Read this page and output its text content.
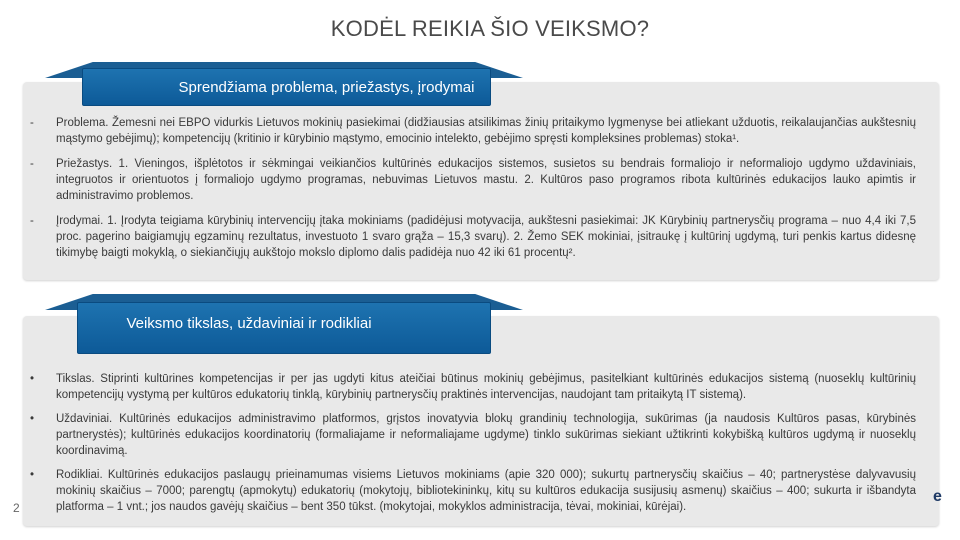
KODĖL REIKIA ŠIO VEIKSMO?
Sprendžiama problema, priežastys, įrodymai
-	Problema. Žemesni nei EBPO vidurkis Lietuvos mokinių pasiekimai (didžiausias atsilikimas žinių pritaikymo lygmenyse bei atliekant užduotis, reikalaujančias aukštesnių mąstymo gebėjimų); kompetencijų (kritinio ir kūrybinio mąstymo, emocinio intelekto, gebėjimo spręsti kompleksines problemas) stoka¹.
-	Priežastys. 1. Vieningos, išplėtotos ir sėkmingai veikiančios kultūrinės edukacijos sistemos, susietos su bendrais formaliojo ir neformaliojo ugdymo uždaviniais, integruotos ir orientuotos į formaliojo ugdymo programas, nebuvimas Lietuvos mastu. 2. Kultūros paso programos ribota kultūrinės edukacijos lauko apimtis ir administravimo problemos.
-	Įrodymai. 1. Įrodyta teigiama kūrybinių intervencijų įtaka mokiniams (padidėjusi motyvacija, aukštesni pasiekimai: JK Kūrybinių partnerysčių programa – nuo 4,4 iki 7,5 proc. pagerino baigiamųjų egzaminų rezultatus, investuoto 1 svaro grąža – 15,3 svarų). 2. Žemo SEK mokiniai, įsitraukę į kultūrinį ugdymą, turi penkis kartus didesnę tikimybę baigti mokyklą, o siekiančiųjų aukštojo mokslo diplomo dalis padidėja nuo 42 iki 61 procentų².
Veiksmo tikslas, uždaviniai ir rodikliai
•	Tikslas. Stiprinti kultūrines kompetencijas ir per jas ugdyti kitus ateičiai būtinus mokinių gebėjimus, pasitelkiant kultūrinės edukacijos sistemą (nuoseklų kultūrinių kompetencijų vystymą per kultūros edukatorių tinklą, kūrybinių partnerysčių praktinės intervencijas, naudojant tam pritaikytą IT sistemą).
•	Uždaviniai. Kultūrinės edukacijos administravimo platformos, grįstos inovatyvia blokų grandinių technologija, sukūrimas (ja naudosis Kultūros pasas, kūrybinės partnerystės); kultūrinės edukacijos koordinatorių (formaliajame ir neformaliajame ugdyme) tinklo sukūrimas siekiant užtikrinti kokybišką kultūros ugdymą ir nuoseklų koordinavimą.
•	Rodikliai. Kultūrinės edukacijos paslaugų prieinamumas visiems Lietuvos mokiniams (apie 320 000); sukurtų partnerysčių skaičius – 40; partnerystėse dalyvavusių mokinių skaičius – 7000; parengtų (apmokytų) edukatorių (mokytojų, bibliotekininkų, kitų su kultūros edukacija susijusių asmenų) skaičius – 400; sukurta ir išbandyta platforma – 1 vnt.; jos naudos gavėjų skaičius – bent 350 tūkst. (mokytojai, mokyklos administracija, tėvai, mokiniai, kūrėjai).
2
e
